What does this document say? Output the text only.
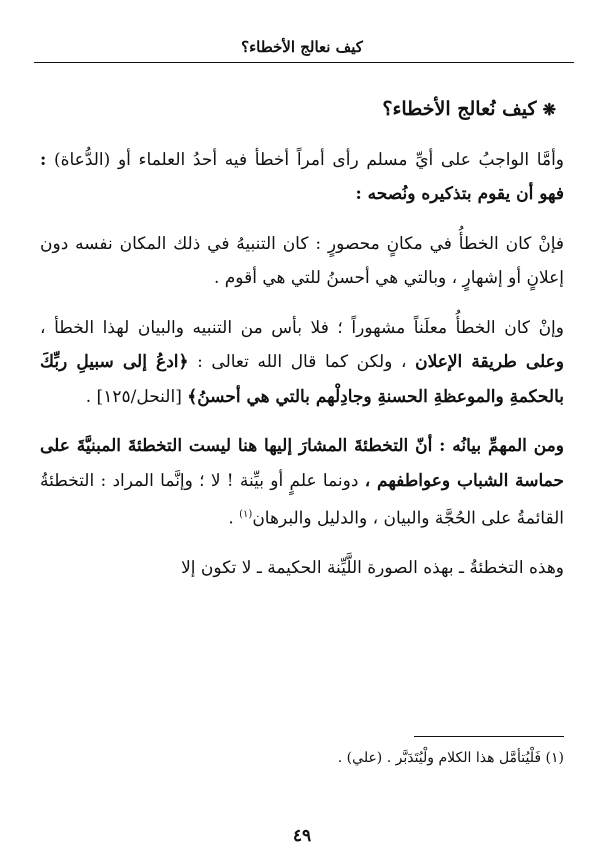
كيف نعالج الأخطاء؟

❋كيف نُعالج الأخطاء؟

وأمَّا الواجبُ على أيِّ مسلم رأى أمراً أخطأ فيه أحدُ العلماء أو (الدُّعاة) : فهو أن يقوم بتذكيره ونُصحه :

فإنْ كان الخطأُ في مكانٍ محصورٍ : كان التنبيهُ في ذلك المكان نفسه دون إعلانٍ أو إشهارٍ ، وبالتي هي أحسنُ للتي هي أقوم .

وإنْ كان الخطأُ معلَناً مشهوراً ؛ فلا بأس من التنبيه والبيان لهذا الخطأ ، وعلى طريقة الإعلان ، ولكن كما قال الله تعالى : ﴿ادعُ إلى سبيلِ ربِّكَ بالحكمةِ والموعظةِ الحسنةِ وجادِلْهم بالتي هي أحسنُ﴾ [النحل/١٢٥] .

ومن المهمِّ بيانُه : أنّ التخطئةَ المشارَ إليها هنا ليست التخطئةَ المبنيَّةَ على حماسة الشباب وعواطفهم ، دونما علمٍ أو بيِّنة ! لا ؛ وإنَّما المراد : التخطئةُ القائمةُ على الحُجَّة والبيان ، والدليل والبرهان$^{(١)}$ .

وهذه التخطئةُ ـ بهذه الصورة اللَّيِّنة الحكيمة ـ لا تكون إلا

(١) فَلْيُتأمَّل هذا الكلام ولْيُتَدَبَّر . (علي) .
٤٩
